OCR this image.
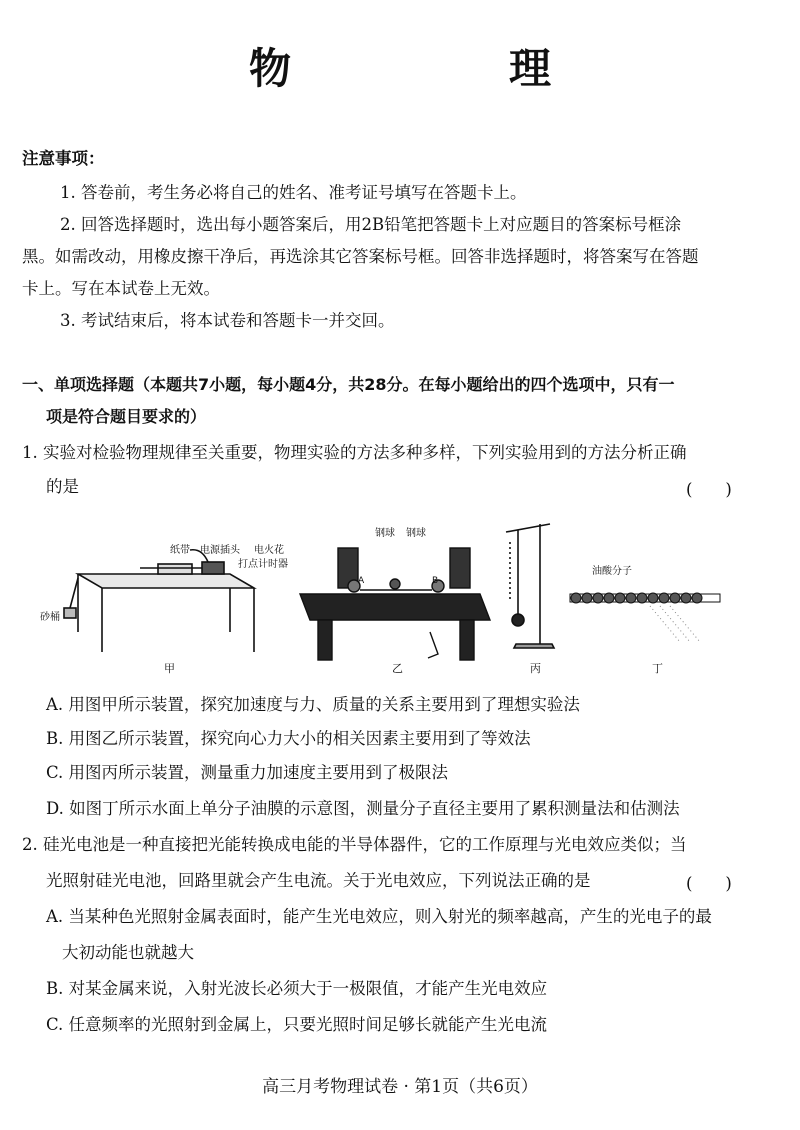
物　理
注意事项：
1. 答卷前，考生务必将自己的姓名、准考证号填写在答题卡上。
2. 回答选择题时，选出每小题答案后，用2B铅笔把答题卡上对应题目的答案标号框涂
黑。如需改动，用橡皮擦干净后，再选涂其它答案标号框。回答非选择题时，将答案写在答题
卡上。写在本试卷上无效。
3. 考试结束后，将本试卷和答题卡一并交回。
一、单项选择题（本题共7小题，每小题4分，共28分。在每小题给出的四个选项中，只有一
项是符合题目要求的）
1. 实验对检验物理规律至关重要，物理实验的方法多种多样，下列实验用到的方法分析正确
的是	(　　)
纸带 电源插头 电火花
打点计时器
砂桶
甲
钢球 钢球
A	B
乙	丙
油酸分子
丁
A. 用图甲所示装置，探究加速度与力、质量的关系主要用到了理想实验法
B. 用图乙所示装置，探究向心力大小的相关因素主要用到了等效法
C. 用图丙所示装置，测量重力加速度主要用到了极限法
D. 如图丁所示水面上单分子油膜的示意图，测量分子直径主要用了累积测量法和估测法
2. 硅光电池是一种直接把光能转换成电能的半导体器件，它的工作原理与光电效应类似；当
光照射硅光电池，回路里就会产生电流。关于光电效应，下列说法正确的是	(　　)
A. 当某种色光照射金属表面时，能产生光电效应，则入射光的频率越高，产生的光电子的最
大初动能也就越大
B. 对某金属来说，入射光波长必须大于一极限值，才能产生光电效应
C. 任意频率的光照射到金属上，只要光照时间足够长就能产生光电流
高三月考物理试卷 · 第1页（共6页）
